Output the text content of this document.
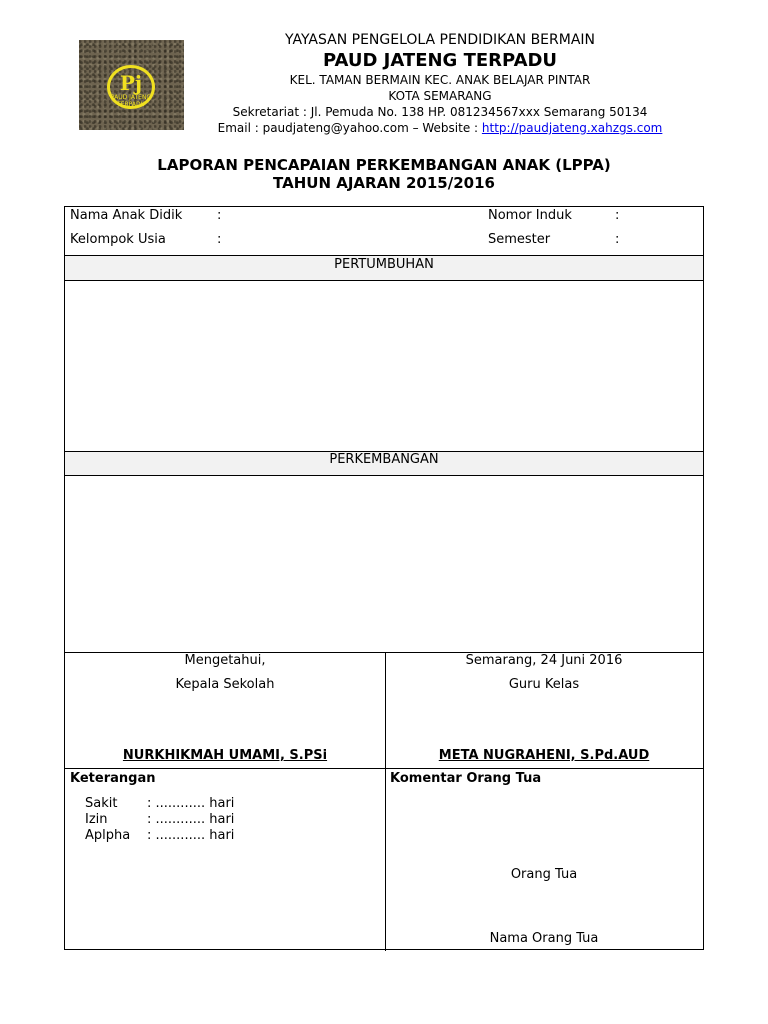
Pj
PAUD JATENG TERPADU
YAYASAN PENGELOLA PENDIDIKAN BERMAIN
PAUD JATENG TERPADU
KEL. TAMAN BERMAIN KEC. ANAK BELAJAR PINTAR
KOTA SEMARANG
Sekretariat : Jl. Pemuda No. 138 HP. 081234567xxx Semarang 50134
Email : paudjateng@yahoo.com – Website : http://paudjateng.xahzgs.com
LAPORAN PENCAPAIAN PERKEMBANGAN ANAK (LPPA)
TAHUN AJARAN 2015/2016
Nama Anak Didik	:	Nomor Induk	:
Kelompok Usia	:	Semester	:
PERTUMBUHAN
PERKEMBANGAN
Mengetahui,
Kepala Sekolah
NURKHIKMAH UMAMI, S.PSi
Semarang, 24 Juni 2016
Guru Kelas
META NUGRAHENI, S.Pd.AUD
Keterangan
Sakit : ............ hari
Izin	: ............ hari
Aplpha : ............ hari
Komentar Orang Tua
Orang Tua
Nama Orang Tua
